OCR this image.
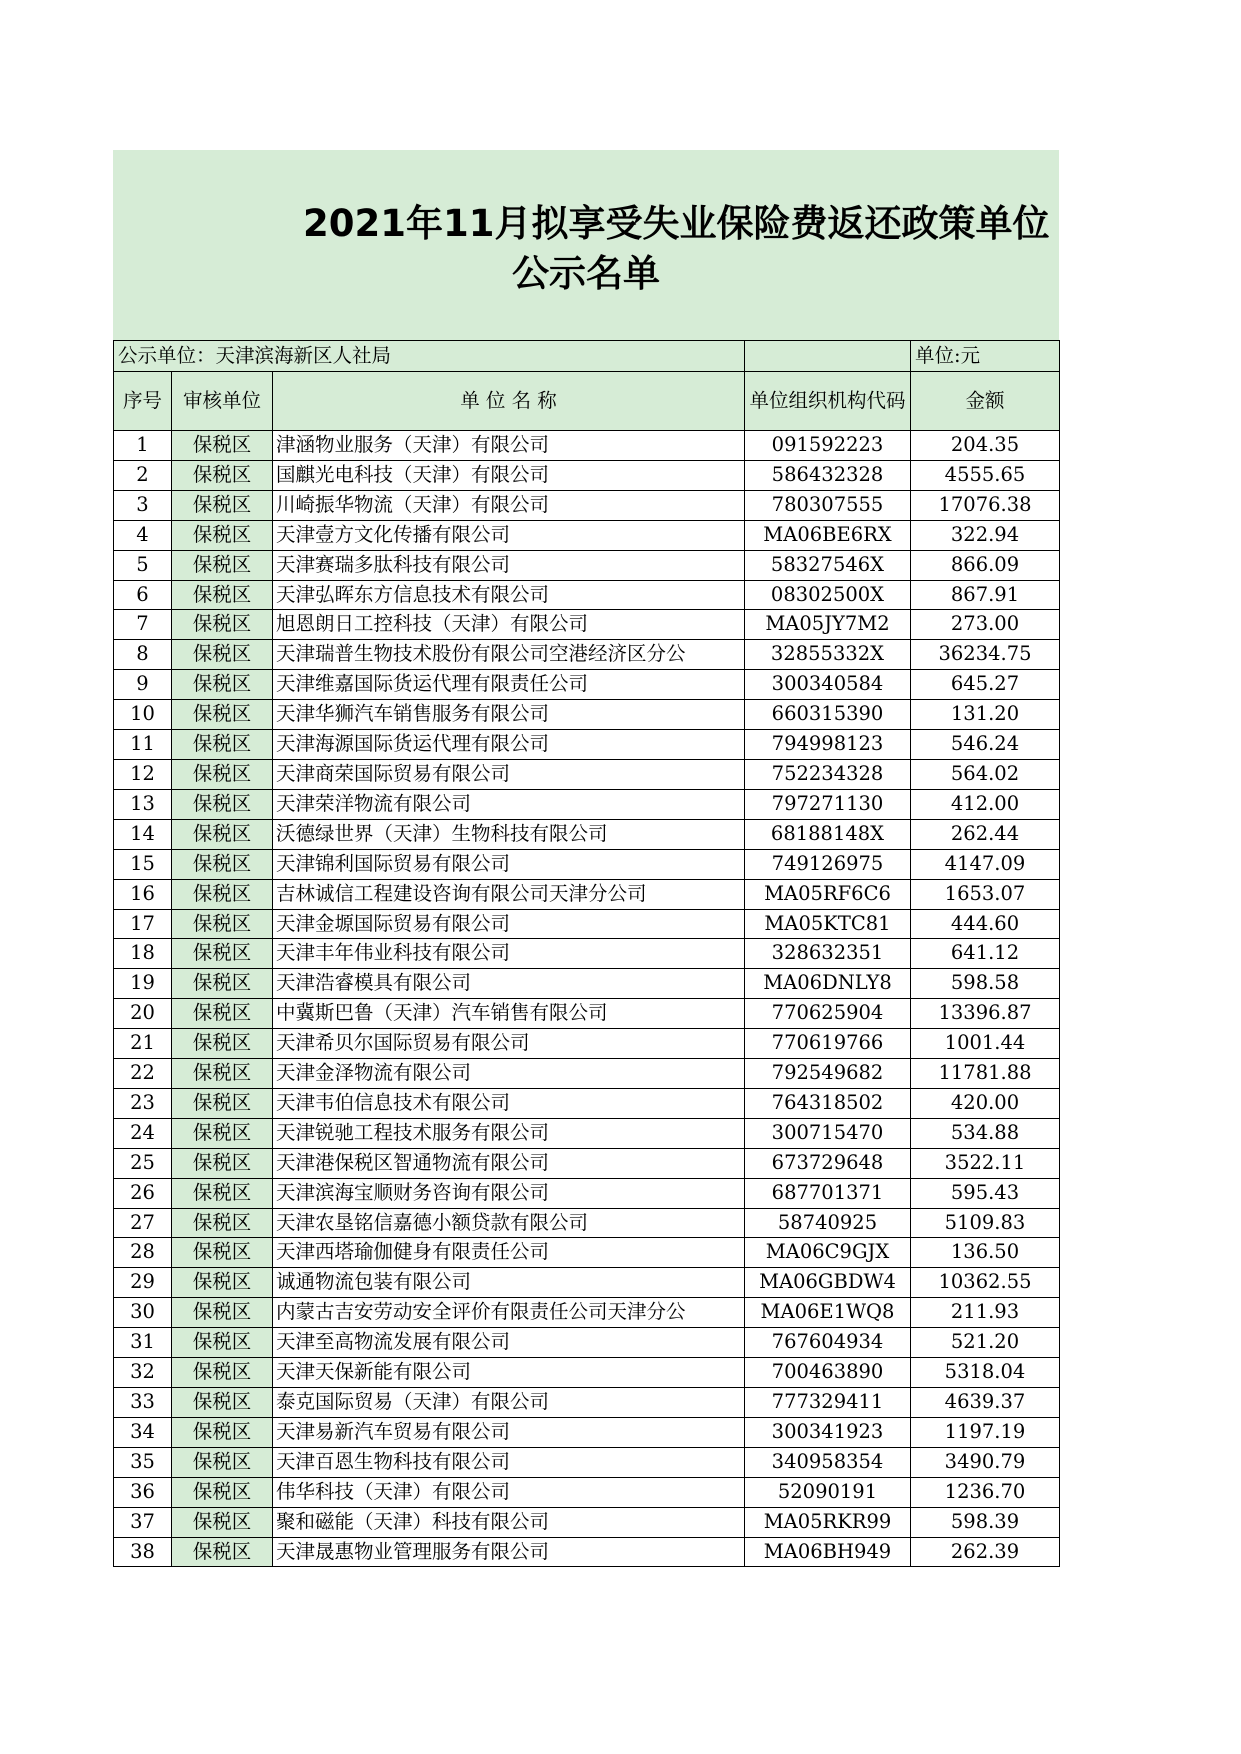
2021年11月拟享受失业保险费返还政策单位
公示名单
公示单位：天津滨海新区人社局				单位:元
序号	审核单位	单 位 名 称	单位组织机构代码	金额
1	保税区	津涵物业服务（天津）有限公司	091592223	204.35
2	保税区	国麒光电科技（天津）有限公司	586432328	4555.65
3	保税区	川崎振华物流（天津）有限公司	780307555	17076.38
4	保税区	天津壹方文化传播有限公司	MA06BE6RX	322.94
5	保税区	天津赛瑞多肽科技有限公司	58327546X	866.09
6	保税区	天津弘晖东方信息技术有限公司	08302500X	867.91
7	保税区	旭恩朗日工控科技（天津）有限公司	MA05JY7M2	273.00
8	保税区	天津瑞普生物技术股份有限公司空港经济区分公	32855332X	36234.75
9	保税区	天津维嘉国际货运代理有限责任公司	300340584	645.27
10	保税区	天津华狮汽车销售服务有限公司	660315390	131.20
11	保税区	天津海源国际货运代理有限公司	794998123	546.24
12	保税区	天津商荣国际贸易有限公司	752234328	564.02
13	保税区	天津荣洋物流有限公司	797271130	412.00
14	保税区	沃德绿世界（天津）生物科技有限公司	68188148X	262.44
15	保税区	天津锦利国际贸易有限公司	749126975	4147.09
16	保税区	吉林诚信工程建设咨询有限公司天津分公司	MA05RF6C6	1653.07
17	保税区	天津金塬国际贸易有限公司	MA05KTC81	444.60
18	保税区	天津丰年伟业科技有限公司	328632351	641.12
19	保税区	天津浩睿模具有限公司	MA06DNLY8	598.58
20	保税区	中冀斯巴鲁（天津）汽车销售有限公司	770625904	13396.87
21	保税区	天津希贝尔国际贸易有限公司	770619766	1001.44
22	保税区	天津金泽物流有限公司	792549682	11781.88
23	保税区	天津韦伯信息技术有限公司	764318502	420.00
24	保税区	天津锐驰工程技术服务有限公司	300715470	534.88
25	保税区	天津港保税区智通物流有限公司	673729648	3522.11
26	保税区	天津滨海宝顺财务咨询有限公司	687701371	595.43
27	保税区	天津农垦铭信嘉德小额贷款有限公司	58740925	5109.83
28	保税区	天津西塔瑜伽健身有限责任公司	MA06C9GJX	136.50
29	保税区	诚通物流包装有限公司	MA06GBDW4	10362.55
30	保税区	内蒙古吉安劳动安全评价有限责任公司天津分公	MA06E1WQ8	211.93
31	保税区	天津至高物流发展有限公司	767604934	521.20
32	保税区	天津天保新能有限公司	700463890	5318.04
33	保税区	泰克国际贸易（天津）有限公司	777329411	4639.37
34	保税区	天津易新汽车贸易有限公司	300341923	1197.19
35	保税区	天津百恩生物科技有限公司	340958354	3490.79
36	保税区	伟华科技（天津）有限公司	52090191	1236.70
37	保税区	聚和磁能（天津）科技有限公司	MA05RKR99	598.39
38	保税区	天津晟惠物业管理服务有限公司	MA06BH949	262.39
